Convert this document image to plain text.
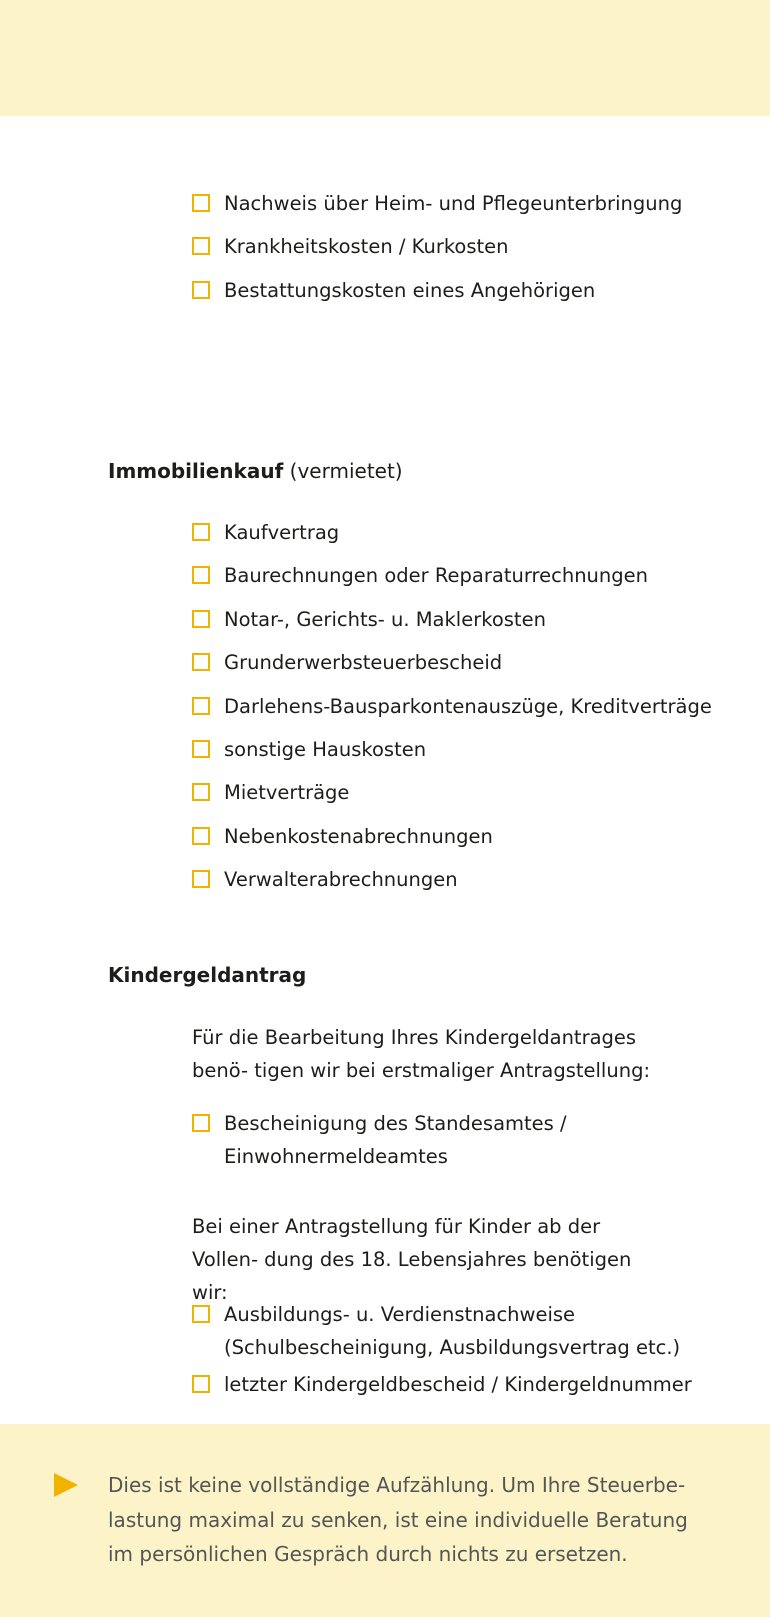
Nachweis über Heim- und Pflegeunterbringung
Krankheitskosten / Kurkosten
Bestattungskosten eines Angehörigen
Immobilienkauf (vermietet)
Kaufvertrag
Baurechnungen oder Reparaturrechnungen
Notar-, Gerichts- u. Maklerkosten
Grunderwerbsteuerbescheid
Darlehens-Bausparkontenauszüge, Kreditverträge
sonstige Hauskosten
Mietverträge
Nebenkostenabrechnungen
Verwalterabrechnungen
Kindergeldantrag

Für die Bearbeitung Ihres Kindergeldantrages benö- tigen wir bei erstmaliger Antragstellung:

Bescheinigung des Standesamtes / Einwohnermeldeamtes

Bei einer Antragstellung für Kinder ab der Vollen- dung des 18. Lebensjahres benötigen wir:

Ausbildungs- u. Verdienstnachweise (Schulbescheinigung, Ausbildungsvertrag etc.)
letzter Kindergeldbescheid / Kindergeldnummer

Dies ist keine vollständige Aufzählung. Um Ihre Steuerbe- lastung maximal zu senken, ist eine individuelle Beratung im persönlichen Gespräch durch nichts zu ersetzen.
